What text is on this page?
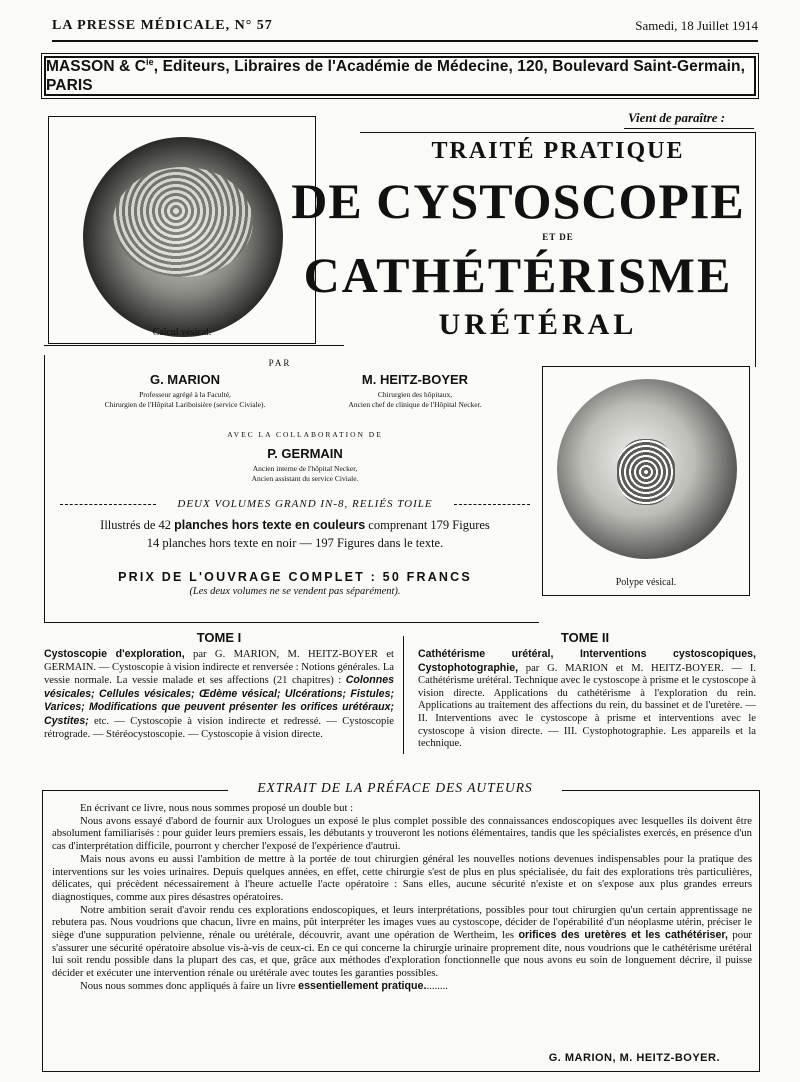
LA PRESSE MÉDICALE, N° 57	Samedi, 18 Juillet 1914
MASSON & $C^{ie}$, Editeurs, Libraires de l'Académie de Médecine, 120, Boulevard Saint-Germain, PARIS
Vient de paraître :
Calcul vésical.
Polype vésical.
TRAITÉ PRATIQUE
DE CYSTOSCOPIE
ET DE
CATHÉTÉRISME
URÉTÉRAL
PAR
G. MARION
Professeur agrégé à la Faculté,
Chirurgien de l'Hôpital Lariboisière (service Civiale).
M. HEITZ-BOYER
Chirurgien des hôpitaux,
Ancien chef de clinique de l'Hôpital Necker.
AVEC LA COLLABORATION DE
P. GERMAIN
Ancien interne de l'hôpital Necker,
Ancien assistant du service Civiale.
DEUX VOLUMES GRAND IN-8, RELIÉS TOILE
Illustrés de 42 planches hors texte en couleurs comprenant 179 Figures
14 planches hors texte en noir — 197 Figures dans le texte.
PRIX DE L'OUVRAGE COMPLET : 50 FRANCS
(Les deux volumes ne se vendent pas séparément).
TOME I	TOME II
Cystoscopie d'exploration, par G. MARION, M. HEITZ-BOYER et GERMAIN. — Cystoscopie à vision indirecte et renversée : Notions générales. La vessie normale. La vessie malade et ses affections (21 chapitres) : Colonnes vésicales; Cellules vésicales; Œdème vésical; Ulcérations; Fistules; Varices; Modifications que peuvent présenter les orifices urétéraux; Cystites; etc. — Cystoscopie à vision indirecte et redressé. — Cystoscopie rétrograde. — Stéréocystoscopie. — Cystoscopie à vision directe.
Cathétérisme urétéral, Interventions cystoscopiques, Cystophotographie, par G. MARION et M. HEITZ-BOYER. — I. Cathétérisme urétéral. Technique avec le cystoscope à prisme et le cystoscope à vision directe. Applications du cathétérisme à l'exploration du rein. Applications au traitement des affections du rein, du bassinet et de l'uretère. — II. Interventions avec le cystoscope à prisme et interventions avec le cystoscope à vision directe. — III. Cystophotographie. Les appareils et la technique.
EXTRAIT DE LA PRÉFACE DES AUTEURS

En écrivant ce livre, nous nous sommes proposé un double but :

Nous avons essayé d'abord de fournir aux Urologues un exposé le plus complet possible des connaissances endoscopiques avec lesquelles ils doivent être absolument familiarisés : pour guider leurs premiers essais, les débutants y trouveront les notions élémentaires, tandis que les spécialistes exercés, en présence d'un cas d'interprétation difficile, pourront y chercher l'exposé de l'expérience d'autrui.

Mais nous avons eu aussi l'ambition de mettre à la portée de tout chirurgien général les nouvelles notions devenues indispensables pour la pratique des interventions sur les voies urinaires. Depuis quelques années, en effet, cette chirurgie s'est de plus en plus spécialisée, du fait des explorations très particulières, délicates, qui précèdent nécessairement à l'heure actuelle l'acte opératoire : Sans elles, aucune sécurité n'existe et on s'expose aux plus grandes erreurs diagnostiques, comme aux pires désastres opératoires.

Notre ambition serait d'avoir rendu ces explorations endoscopiques, et leurs interprétations, possibles pour tout chirurgien qu'un certain apprentissage ne rebutera pas. Nous voudrions que chacun, livre en mains, pût interpréter les images vues au cystoscope, décider de l'opérabilité d'un néoplasme utérin, préciser le siège d'une suppuration pelvienne, rénale ou urétérale, découvrir, avant une opération de Wertheim, les orifices des uretères et les cathétériser, pour s'assurer une sécurité opératoire absolue vis-à-vis de ceux-ci. En ce qui concerne la chirurgie urinaire proprement dite, nous voudrions que le cathétérisme urétéral lui soit rendu possible dans la plupart des cas, et que, grâce aux méthodes d'exploration fonctionnelle que nous avons eu soin de longuement décrire, il puisse décider et exécuter une intervention rénale ou urétérale avec toutes les garanties possibles.

Nous nous sommes donc appliqués à faire un livre essentiellement pratique.........

G. MARION, M. HEITZ-BOYER.
